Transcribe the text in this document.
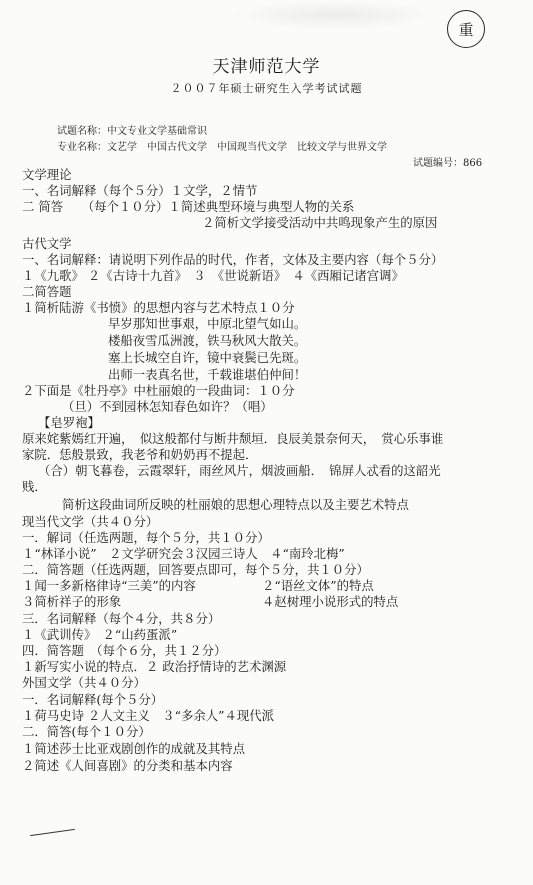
重
天津师范大学
２００７年硕士研究生入学考试试题
试题名称：中文专业文学基础常识
专业名称：文艺学　中国古代文学　中国现当代文学　比较文学与世界文学
试题编号：866
文学理论
一、名词解释（每个５分）１文学，２情节
二 简答　　（每个１０分）１简述典型环境与典型人物的关系
２简析文学接受活动中共鸣现象产生的原因
古代文学
一、名词解释：请说明下列作品的时代，作者，文体及主要内容（每个５分）
１《九歌》 ２《古诗十九首》　３　《世说新语》　４《西厢记诸宫调》
二简答题
１简析陆游《书愤》的思想内容与艺术特点１０分
早岁那知世事艰，中原北望气如山。
楼船夜雪瓜洲渡，铁马秋风大散关。
塞上长城空自许，镜中衰鬓已先斑。
出师一表真名世，千载谁堪伯仲间！
２下面是《牡丹亭》中杜丽娘的一段曲词：１０分
（旦）不到园林怎知春色如许？（唱）
【皂罗袍】
原来姹紫嫣红开遍，　似这般都付与断井颓垣．良辰美景奈何天，　赏心乐事谁
家院．恁般景致，我老爷和奶奶再不提起．
（合）朝飞暮卷，云霞翠轩，雨丝风片，烟波画船．　锦屏人忒看的这韶光
贱．
简析这段曲词所反映的杜丽娘的思想心理特点以及主要艺术特点
现当代文学（共４０分）
一．解词（任选两题，每个５分，共１０分）
１“林译小说”　２文学研究会３汉园三诗人　４“南玲北梅”
二．简答题（任选两题，回答要点即可，每个５分，共１０分）
１闻一多新格律诗“三美”的内容	２“语丝文体”的特点
３简析祥子的形象	４赵树理小说形式的特点
三．名词解释（每个４分，共８分）
１《武训传》　２“山药蛋派”
四．简答题　（每个６分，共１２分）
１新写实小说的特点．２ 政治抒情诗的艺术渊源
外国文学（共４０分）
一．名词解释(每个５分）
１荷马史诗 ２人文主义　３“多余人”４现代派
二．简答(每个１０分）
１简述莎士比亚戏剧创作的成就及其特点
２简述《人间喜剧》的分类和基本内容
